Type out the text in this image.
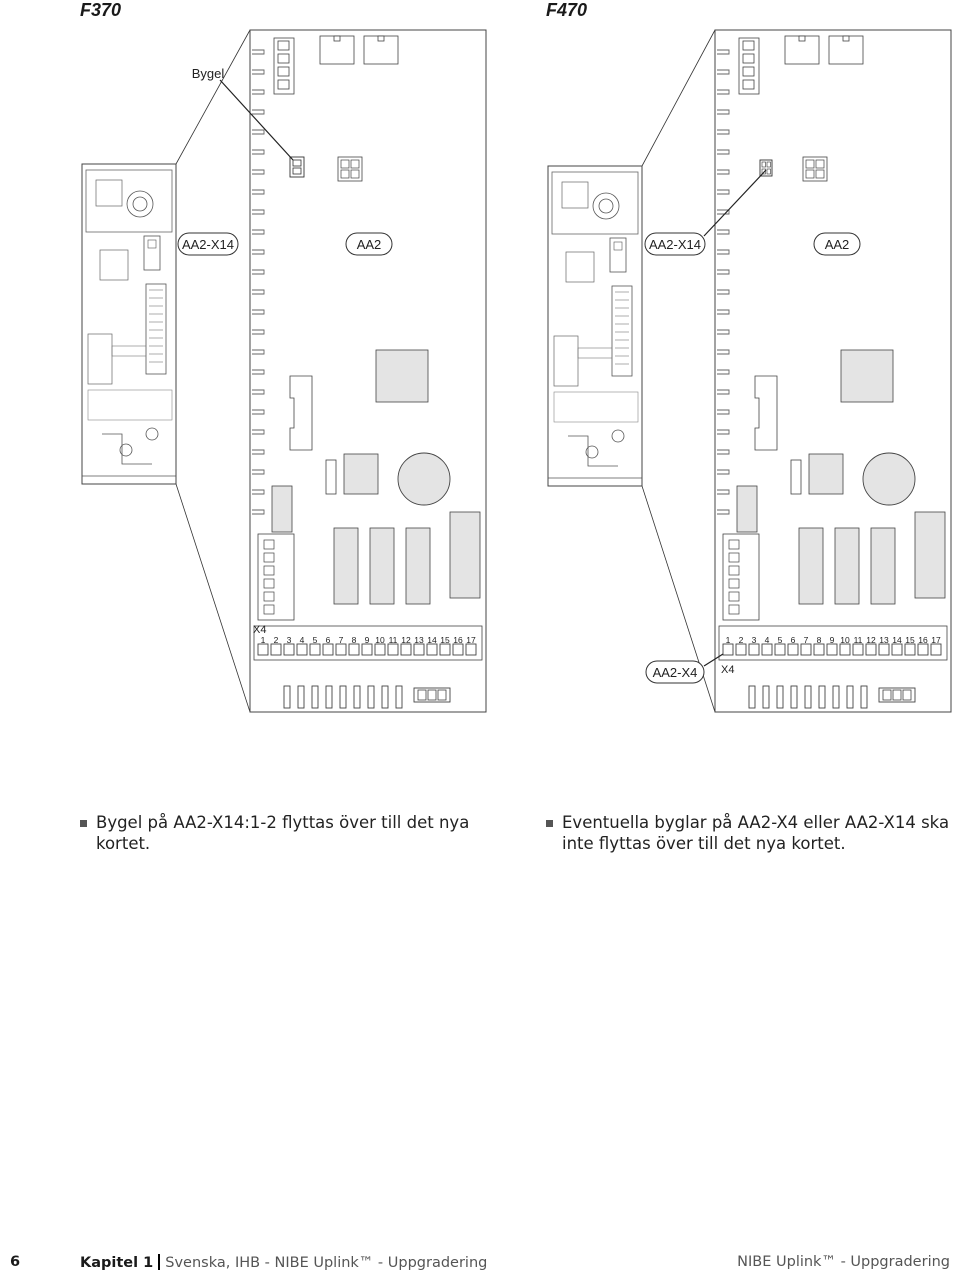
F370	F470
Bygel
AA2-X14	AA2
X4
1 2 3 4 5 6 7 8 9 10 11 12 13 14 15 16 17
AA2-X14	AA2
AA2-X4 X4
1 2 3 4 5 6 7 8 9 10 11 12 13 14 15 16 17
Bygel på AA2-X14:1-2 flyttas över till det nya kortet.
Eventuella byglar på AA2-X4 eller AA2-X14 ska inte flyttas över till det nya kortet.
6	Kapitel 1 Svenska, IHB - NIBE Uplink™ - Uppgradering	NIBE Uplink™ - Uppgradering
